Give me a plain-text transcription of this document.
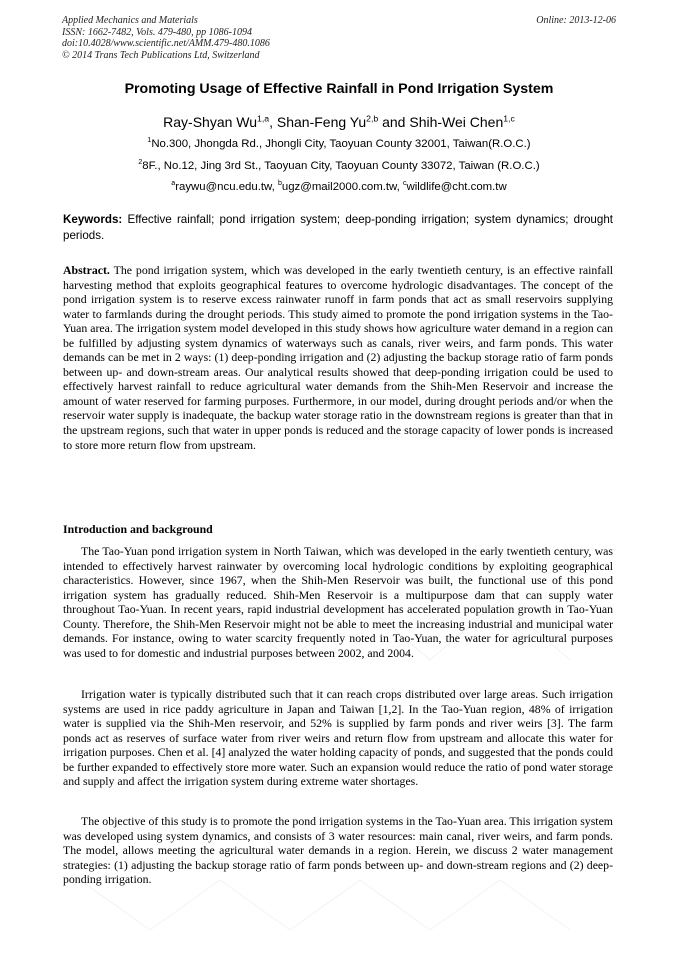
Applied Mechanics and Materials
ISSN: 1662-7482, Vols. 479-480, pp 1086-1094
doi:10.4028/www.scientific.net/AMM.479-480.1086
© 2014 Trans Tech Publications Ltd, Switzerland
Online: 2013-12-06
Promoting Usage of Effective Rainfall in Pond Irrigation System
Ray-Shyan Wu$^{1,a}$, Shan-Feng Yu$^{2,b}$ and Shih-Wei Chen$^{1,c}$
$^1$No.300, Jhongda Rd., Jhongli City, Taoyuan County 32001, Taiwan(R.O.C.)
$^2$8F., No.12, Jing 3rd St., Taoyuan City, Taoyuan County 33072, Taiwan (R.O.C.)
$^a$raywu@ncu.edu.tw, $^b$ugz@mail2000.com.tw, $^c$wildlife@cht.com.tw
Keywords: Effective rainfall; pond irrigation system; deep-ponding irrigation; system dynamics; drought periods.
Abstract. The pond irrigation system, which was developed in the early twentieth century, is an effective rainfall harvesting method that exploits geographical features to overcome hydrologic disadvantages. The concept of the pond irrigation system is to reserve excess rainwater runoff in farm ponds that act as small reservoirs supplying water to farmlands during the drought periods. This study aimed to promote the pond irrigation systems in the Tao-Yuan area. The irrigation system model developed in this study shows how agriculture water demand in a region can be fulfilled by adjusting system dynamics of waterways such as canals, river weirs, and farm ponds. This water demands can be met in 2 ways: (1) deep-ponding irrigation and (2) adjusting the backup storage ratio of farm ponds between up- and down-stream areas. Our analytical results showed that deep-ponding irrigation could be used to effectively harvest rainfall to reduce agricultural water demands from the Shih-Men Reservoir and increase the amount of water reserved for farming purposes. Furthermore, in our model, during drought periods and/or when the reservoir water supply is inadequate, the backup water storage ratio in the downstream regions is greater than that in the upstream regions, such that water in upper ponds is reduced and the storage capacity of lower ponds is increased to store more return flow from upstream.
Introduction and background

The Tao-Yuan pond irrigation system in North Taiwan, which was developed in the early twentieth century, was intended to effectively harvest rainwater by overcoming local hydrologic conditions by exploiting geographical characteristics. However, since 1967, when the Shih-Men Reservoir was built, the functional use of this pond irrigation system has gradually reduced. Shih-Men Reservoir is a multipurpose dam that can supply water throughout Tao-Yuan. In recent years, rapid industrial development has accelerated population growth in Tao-Yuan County. Therefore, the Shih-Men Reservoir might not be able to meet the increasing industrial and municipal water demands. For instance, owing to water scarcity frequently noted in Tao-Yuan, the water for agricultural purposes was used to for domestic and industrial purposes between 2002, and 2004.

Irrigation water is typically distributed such that it can reach crops distributed over large areas. Such irrigation systems are used in rice paddy agriculture in Japan and Taiwan [1,2]. In the Tao-Yuan region, 48% of irrigation water is supplied via the Shih-Men reservoir, and 52% is supplied by farm ponds and river weirs [3]. The farm ponds act as reserves of surface water from river weirs and return flow from upstream and allocate this water for irrigation purposes. Chen et al. [4] analyzed the water holding capacity of ponds, and suggested that the ponds could be further expanded to effectively store more water. Such an expansion would reduce the ratio of pond water storage and supply and affect the irrigation system during extreme water shortages.

The objective of this study is to promote the pond irrigation systems in the Tao-Yuan area. This irrigation system was developed using system dynamics, and consists of 3 water resources: main canal, river weirs, and farm ponds. The model, allows meeting the agricultural water demands in a region. Herein, we discuss 2 water management strategies: (1) adjusting the backup storage ratio of farm ponds between up- and down-stream regions and (2) deep-ponding irrigation.
